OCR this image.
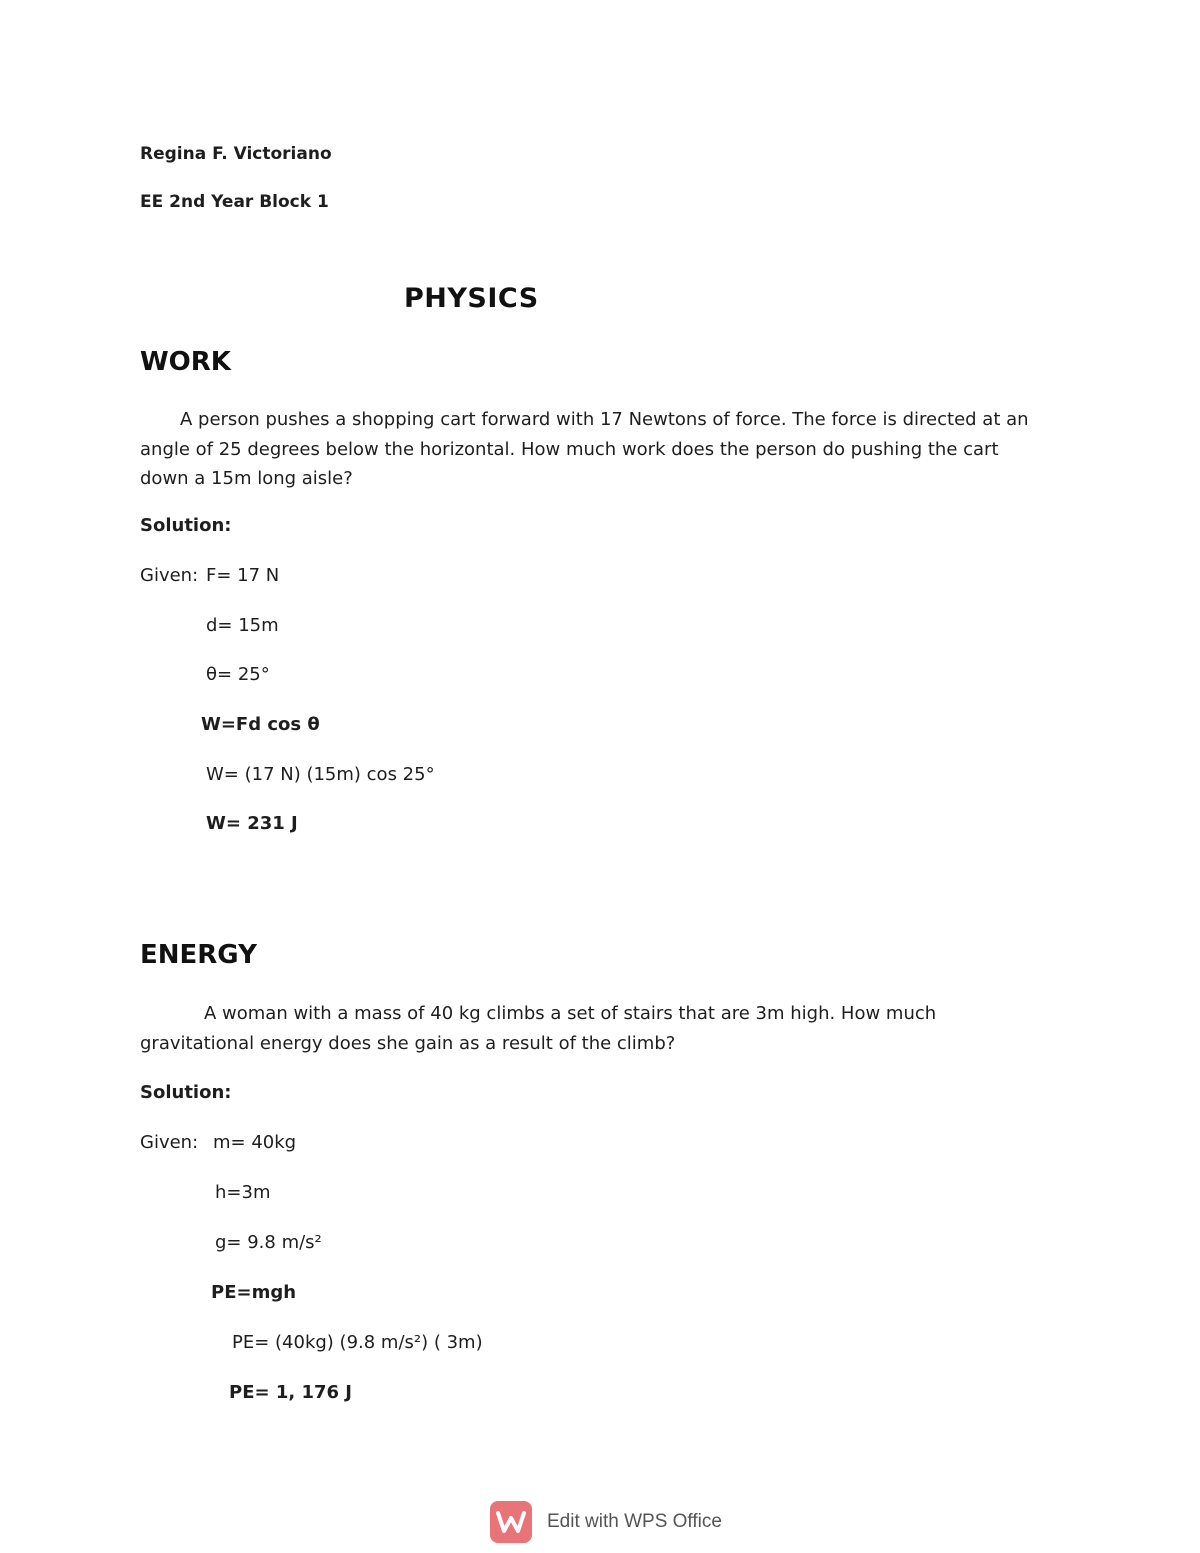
Regina F. Victoriano
EE 2nd Year Block 1
PHYSICS
WORK
A person pushes a shopping cart forward with 17 Newtons of force. The force is directed at an angle of 25 degrees below the horizontal. How much work does the person do pushing the cart down a 15m long aisle?
Solution:
Given: F= 17 N
d= 15m
θ= 25°
W=Fd cos θ
W= (17 N) (15m) cos 25°
W= 231 J
ENERGY
A woman with a mass of 40 kg climbs a set of stairs that are 3m high. How much gravitational energy does she gain as a result of the climb?
Solution:
Given: m= 40kg
h=3m
g= 9.8 m/s²
PE=mgh
PE= (40kg) (9.8 m/s²) ( 3m)
PE= 1, 176 J
Edit with WPS Office
